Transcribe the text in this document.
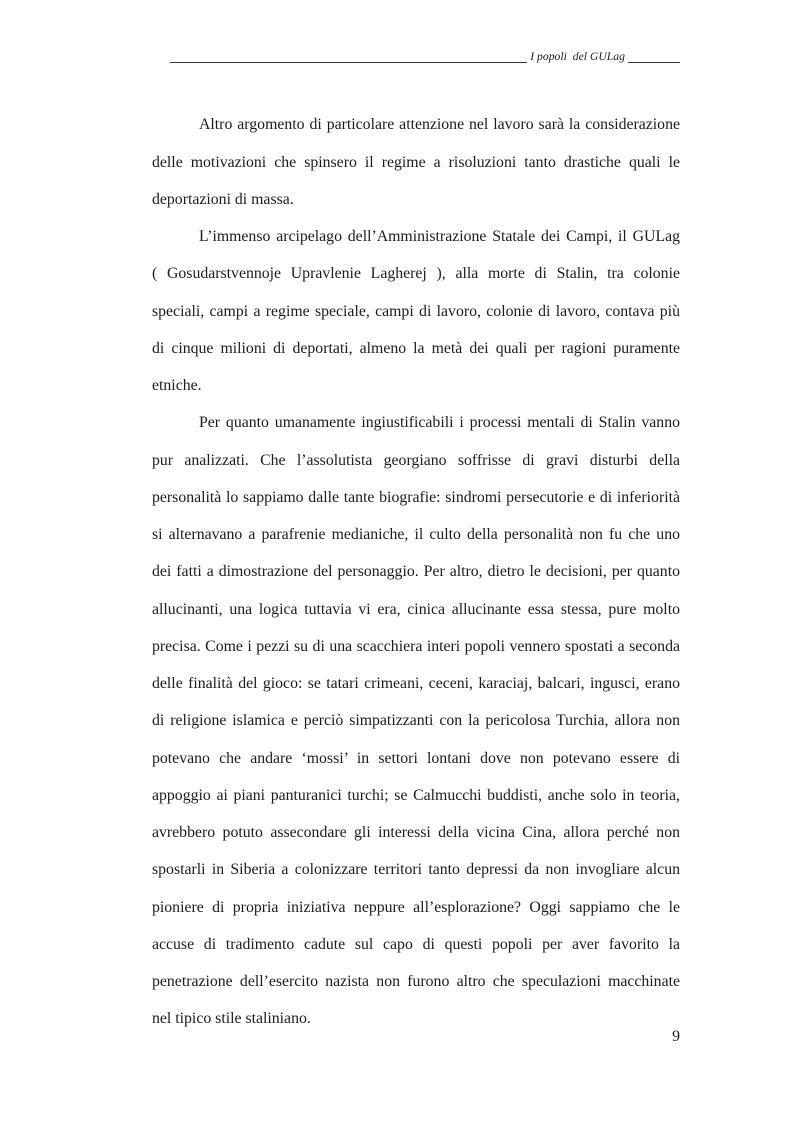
I popoli  del GULag
Altro argomento di particolare attenzione nel lavoro sarà la considerazione
delle motivazioni che spinsero il regime a risoluzioni tanto drastiche quali le
deportazioni di massa.
L’immenso arcipelago dell’Amministrazione Statale dei Campi, il GULag
( Gosudarstvennoje Upravlenie Lagherej ), alla morte di Stalin, tra colonie
speciali, campi a regime speciale, campi di lavoro, colonie di lavoro, contava più
di cinque milioni di deportati, almeno la metà dei quali per ragioni puramente
etniche.
Per quanto umanamente ingiustificabili i processi mentali di Stalin vanno
pur analizzati. Che l’assolutista georgiano soffrisse di gravi disturbi della
personalità lo sappiamo dalle tante biografie: sindromi persecutorie e di inferiorità
si alternavano a parafrenie medianiche, il culto della personalità non fu che uno
dei fatti a dimostrazione del personaggio. Per altro, dietro le decisioni, per quanto
allucinanti, una logica tuttavia vi era, cinica allucinante essa stessa, pure molto
precisa. Come i pezzi su di una scacchiera interi popoli vennero spostati a seconda
delle finalità del gioco: se tatari crimeani, ceceni, karaciaj, balcari, ingusci, erano
di religione islamica e perciò simpatizzanti con la pericolosa Turchia, allora non
potevano che andare ‘mossi’ in settori lontani dove non potevano essere di
appoggio ai piani panturanici turchi; se Calmucchi buddisti, anche solo in teoria,
avrebbero potuto assecondare gli interessi della vicina Cina, allora perché non
spostarli in Siberia a colonizzare territori tanto depressi da non invogliare alcun
pioniere di propria iniziativa neppure all’esplorazione? Oggi sappiamo che le
accuse di tradimento cadute sul capo di questi popoli per aver favorito la
penetrazione dell’esercito nazista non furono altro che speculazioni macchinate
nel tipico stile staliniano.
9
